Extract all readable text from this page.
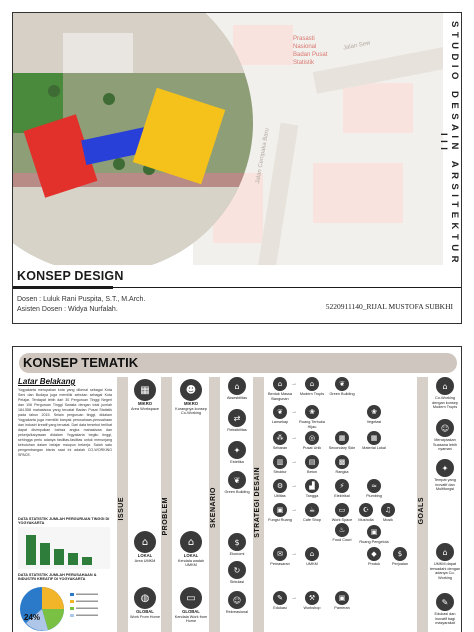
Jalan Sew
Jalan Cempaka Baru
Prasasti Nasional Badan Pusat Statistik	STUDIO DESAIN ARSITEKTUR III
KONSEP DESIGN
Dosen : Luluk Rani Puspita, S.T., M.Arch.
Asisten Dosen : Widya Nurfalah.	5220911140_RIJAL MUSTOFA SUBKHI
KONSEP TEMATIK
Latar Belakang
Yogyakarta merupakan kota yang dikenal sebagai Kota Seni dan Budaya juga memiliki sebutan sebagai Kota Pelajar. Terdapat lebih dari 30 Perguruan Tinggi Negeri dan 106 Perguruan Tinggi Swasta dengan total jumlah 184.558 mahasiswa yang tercatat Badan Pusat Statistik pada tahun 2015. Selain perguruan tinggi, didalam Yogyakarta juga memiliki banyak perusahaan-perusahaan dan industri kreatif yang tercatat. Dari data tersebut terlihat dapat disimpulkan bahwa angka mahasiswa dan pekerja/karyawan didalam Yogyakarta begitu tinggi, sehingga perlu adanya fasilitas-fasilitas untuk menunjang kebutuhan dalam belajar maupun bekerja. Salah satu pengembangan bisnis saat ini adalah CO-WORKING SPACE.
DATA STATISTIK JUMLAH PERGURUAN TINGGI DI YOGYAKARTA
DATA STATISTIK JUMLAH PERUSAHAAN & INDUSTRI KREATIF DI YOGYAKARTA
24%
ISSUE	PROBLEM	SKENARIO	STRATEGI DESAIN	GOALS
▦
MIKRO
Area Workspace
⌂
LOKAL
Area UMKM
◍
GLOBAL
Work From Home
☻
MIKRO
Kurangnya konsep Co-Working
⌂
LOKAL
Kendala wadah UMKM
▭
GLOBAL
Kendala Work from Home
⌂
Aksesbilitas
⇄
Fleksibilitas
✦
Estetika
❦
Green Building
$
Ekonomi
↻
Sirkulasi
☺
Rekreasional
⌂
Bentuk Massa Bangunan
❦
Lansekap
⁂
Sebaran
▥
Struktur
⚙
Utilitas
▣
Fungsi Ruang
✉
Pemasaran
✎
Edukasi
⌂
Modern Tropis
❀
Ruang Terbuka Hijau
◎
Pusat Unik
▤
Beton
▟
Tangga
☕
Cafe Shop
⌂
UMKM
⚒
Workshop
❦
Green Building
▦
Secondary Skin
▩
Rangka
⚡
Elektrikal
▭
Work Space
♨
Food Court
▣
Pameran
❀
Vegetasi
▦
Material Lokal
≈
Plumbing
☪
Musholla
▣
Ruang Pengelola
◆
Produk
♫
Musik
$
Perjualan
→
→
→
→
→
→
→
→
⌂
Co-Working dengan konsep Modern Tropis
☺
Menciptakan Suasana lebih nyaman
✦
Tempat yang inovatif dan Multifungsi
⌂
UMKM dapat terwadahi dengan adanya Co-Working
✎
Edukasi dan inovatif bagi masyarakat
